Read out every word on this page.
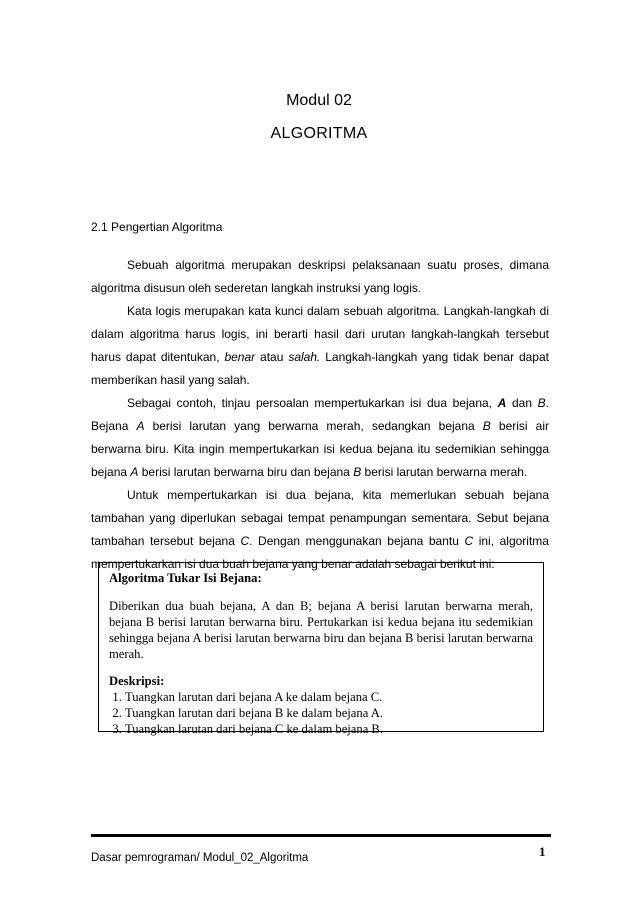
Modul 02
ALGORITMA
2.1 Pengertian Algoritma

Sebuah algoritma merupakan deskripsi pelaksanaan suatu proses, dimana algoritma disusun oleh sederetan langkah instruksi yang logis.

Kata logis merupakan kata kunci dalam sebuah algoritma. Langkah-langkah di dalam algoritma harus logis, ini berarti hasil dari urutan langkah-langkah tersebut harus dapat ditentukan, benar atau salah. Langkah-langkah yang tidak benar dapat memberikan hasil yang salah.

Sebagai contoh, tinjau persoalan mempertukarkan isi dua bejana, A dan B. Bejana A berisi larutan yang berwarna merah, sedangkan bejana B berisi air berwarna biru. Kita ingin mempertukarkan isi kedua bejana itu sedemikian sehingga bejana A berisi larutan berwarna biru dan bejana B berisi larutan berwarna merah.

Untuk mempertukarkan isi dua bejana, kita memerlukan sebuah bejana tambahan yang diperlukan sebagai tempat penampungan sementara. Sebut bejana tambahan tersebut bejana C. Dengan menggunakan bejana bantu C ini, algoritma mempertukarkan isi dua buah bejana yang benar adalah sebagai berikut ini:

Algoritma Tukar Isi Bejana:

Diberikan dua buah bejana, A dan B; bejana A berisi larutan berwarna merah, bejana B berisi larutan berwarna biru. Pertukarkan isi kedua bejana itu sedemikian sehingga bejana A berisi larutan berwarna biru dan bejana B berisi larutan berwarna merah.

Deskripsi:

1. Tuangkan larutan dari bejana A ke dalam bejana C.
2. Tuangkan larutan dari bejana B ke dalam bejana A.
3. Tuangkan larutan dari bejana C ke dalam bejana B.
Dasar pemrograman/ Modul_02_Algoritma	1
